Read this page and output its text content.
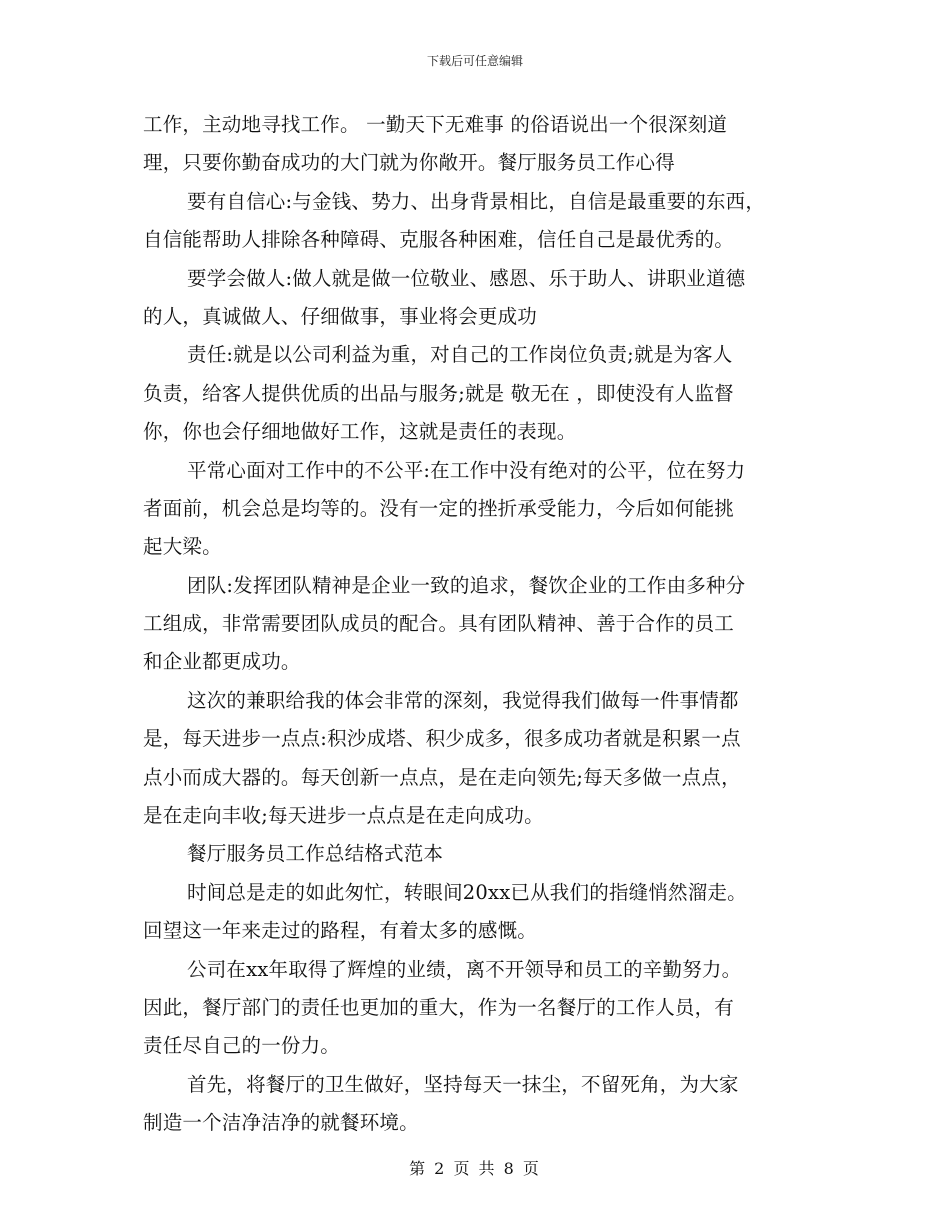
下载后可任意编辑
工作，主动地寻找工作。 一勤天下无难事 的俗语说出一个很深刻道
理，只要你勤奋成功的大门就为你敞开。餐厅服务员工作心得
要有自信心:与金钱、势力、出身背景相比，自信是最重要的东西，
自信能帮助人排除各种障碍、克服各种困难，信任自己是最优秀的。
要学会做人:做人就是做一位敬业、感恩、乐于助人、讲职业道德
的人，真诚做人、仔细做事，事业将会更成功
责任:就是以公司利益为重，对自己的工作岗位负责;就是为客人
负责，给客人提供优质的出品与服务;就是 敬无在 ，即使没有人监督
你，你也会仔细地做好工作，这就是责任的表现。
平常心面对工作中的不公平:在工作中没有绝对的公平，位在努力
者面前，机会总是均等的。没有一定的挫折承受能力，今后如何能挑
起大梁。
团队:发挥团队精神是企业一致的追求，餐饮企业的工作由多种分
工组成，非常需要团队成员的配合。具有团队精神、善于合作的员工
和企业都更成功。
这次的兼职给我的体会非常的深刻，我觉得我们做每一件事情都
是，每天进步一点点:积沙成塔、积少成多，很多成功者就是积累一点
点小而成大器的。每天创新一点点，是在走向领先;每天多做一点点，
是在走向丰收;每天进步一点点是在走向成功。
餐厅服务员工作总结格式范本
时间总是走的如此匆忙，转眼间20xx已从我们的指缝悄然溜走。
回望这一年来走过的路程，有着太多的感慨。
公司在xx年取得了辉煌的业绩，离不开领导和员工的辛勤努力。
因此，餐厅部门的责任也更加的重大，作为一名餐厅的工作人员，有
责任尽自己的一份力。
首先，将餐厅的卫生做好，坚持每天一抹尘，不留死角，为大家
制造一个洁净洁净的就餐环境。
第 2 页 共 8 页
